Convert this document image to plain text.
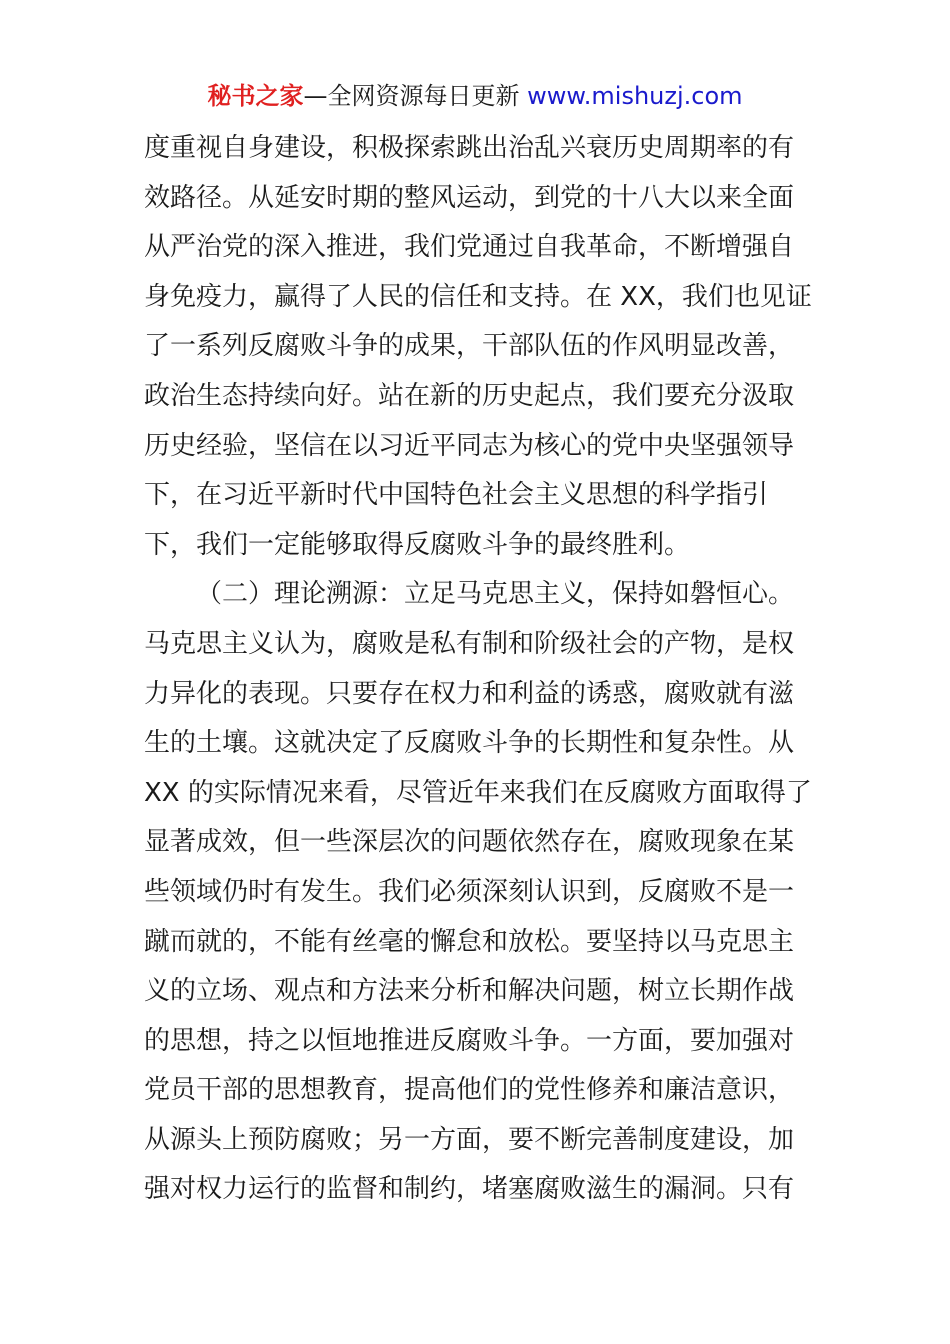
秘书之家—全网资源每日更新 www.mishuzj.com
度重视自身建设，积极探索跳出治乱兴衰历史周期率的有
效路径。从延安时期的整风运动，到党的十八大以来全面
从严治党的深入推进，我们党通过自我革命，不断增强自
身免疫力，赢得了人民的信任和支持。在 XX，我们也见证
了一系列反腐败斗争的成果，干部队伍的作风明显改善，
政治生态持续向好。站在新的历史起点，我们要充分汲取
历史经验，坚信在以习近平同志为核心的党中央坚强领导
下，在习近平新时代中国特色社会主义思想的科学指引
下，我们一定能够取得反腐败斗争的最终胜利。
（二）理论溯源：立足马克思主义，保持如磐恒心。
马克思主义认为，腐败是私有制和阶级社会的产物，是权
力异化的表现。只要存在权力和利益的诱惑，腐败就有滋
生的土壤。这就决定了反腐败斗争的长期性和复杂性。从
XX 的实际情况来看，尽管近年来我们在反腐败方面取得了
显著成效，但一些深层次的问题依然存在，腐败现象在某
些领域仍时有发生。我们必须深刻认识到，反腐败不是一
蹴而就的，不能有丝毫的懈怠和放松。要坚持以马克思主
义的立场、观点和方法来分析和解决问题，树立长期作战
的思想，持之以恒地推进反腐败斗争。一方面，要加强对
党员干部的思想教育，提高他们的党性修养和廉洁意识，
从源头上预防腐败；另一方面，要不断完善制度建设，加
强对权力运行的监督和制约，堵塞腐败滋生的漏洞。只有
